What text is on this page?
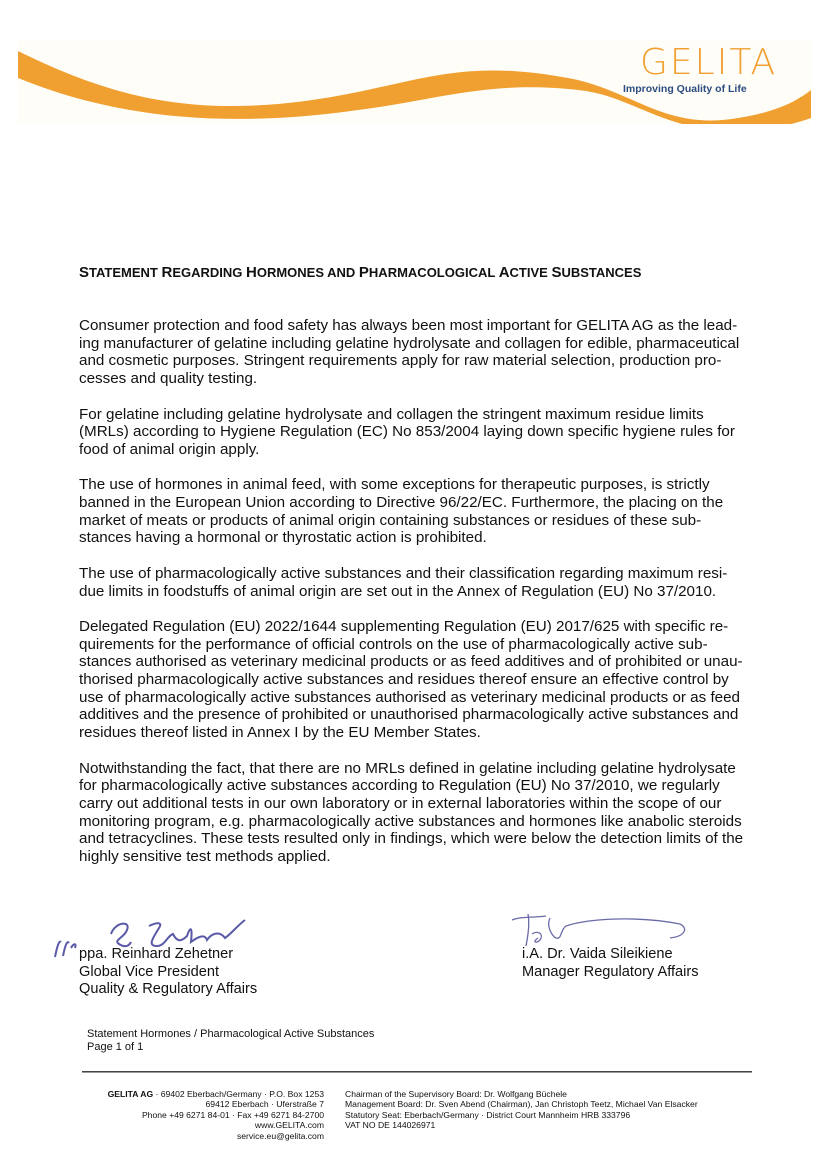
GELITA
Improving Quality of Life
STATEMENT REGARDING HORMONES AND PHARMACOLOGICAL ACTIVE SUBSTANCES

Consumer protection and food safety has always been most important for GELITA AG as the lead-ing manufacturer of gelatine including gelatine hydrolysate and collagen for edible, pharmaceutical and cosmetic purposes. Stringent requirements apply for raw material selection, production pro-cesses and quality testing.

For gelatine including gelatine hydrolysate and collagen the stringent maximum residue limits (MRLs) according to Hygiene Regulation (EC) No 853/2004 laying down specific hygiene rules for food of animal origin apply.

The use of hormones in animal feed, with some exceptions for therapeutic purposes, is strictly banned in the European Union according to Directive 96/22/EC. Furthermore, the placing on the market of meats or products of animal origin containing substances or residues of these sub-stances having a hormonal or thyrostatic action is prohibited.

The use of pharmacologically active substances and their classification regarding maximum resi-due limits in foodstuffs of animal origin are set out in the Annex of Regulation (EU) No 37/2010.

Delegated Regulation (EU) 2022/1644 supplementing Regulation (EU) 2017/625 with specific re-quirements for the performance of official controls on the use of pharmacologically active sub-stances authorised as veterinary medicinal products or as feed additives and of prohibited or unau-thorised pharmacologically active substances and residues thereof ensure an effective control by use of pharmacologically active substances authorised as veterinary medicinal products or as feed additives and the presence of prohibited or unauthorised pharmacologically active substances and residues thereof listed in Annex I by the EU Member States.

Notwithstanding the fact, that there are no MRLs defined in gelatine including gelatine hydrolysate for pharmacologically active substances according to Regulation (EU) No 37/2010, we regularly carry out additional tests in our own laboratory or in external laboratories within the scope of our monitoring program, e.g. pharmacologically active substances and hormones like anabolic steroids and tetracyclines. These tests resulted only in findings, which were below the detection limits of the highly sensitive test methods applied.

ppa. Reinhard Zehetner
Global Vice President
Quality & Regulatory Affairs
i.A. Dr. Vaida Sileikiene
Manager Regulatory Affairs
Statement Hormones / Pharmacological Active Substances
Page 1 of 1
GELITA AG · 69402 Eberbach/Germany · P.O. Box 1253
69412 Eberbach · Uferstraße 7
Phone +49 6271 84-01 · Fax +49 6271 84-2700
www.GELITA.com
service.eu@gelita.com
Chairman of the Supervisory Board: Dr. Wolfgang Büchele
Management Board: Dr. Sven Abend (Chairman), Jan Christoph Teetz, Michael Van Elsacker
Statutory Seat: Eberbach/Germany · District Court Mannheim HRB 333796
VAT NO DE 144026971
